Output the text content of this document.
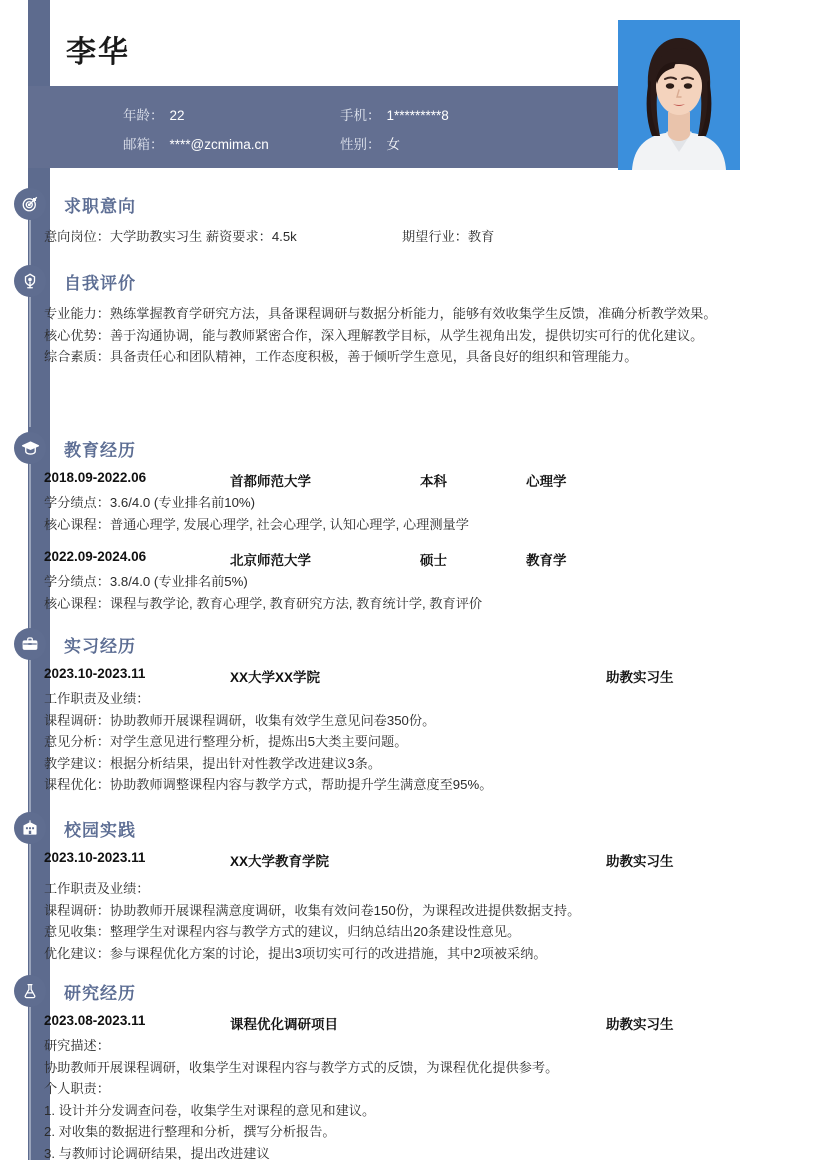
李华
年龄： 22
邮箱： ****@zcmima.cn
手机： 1*********8
性别： 女
求职意向
意向岗位：大学助教实习生 薪资要求：4.5k	期望行业：教育
自我评价
专业能力：熟练掌握教育学研究方法，具备课程调研与数据分析能力，能够有效收集学生反馈，准确分析教学效果。
核心优势：善于沟通协调，能与教师紧密合作，深入理解教学目标，从学生视角出发，提供切实可行的优化建议。
综合素质：具备责任心和团队精神，工作态度积极，善于倾听学生意见，具备良好的组织和管理能力。
教育经历
2018.09-2022.06	首都师范大学	本科	心理学
学分绩点：3.6/4.0 (专业排名前10%)
核心课程：普通心理学, 发展心理学, 社会心理学, 认知心理学, 心理测量学
2022.09-2024.06	北京师范大学	硕士	教育学
学分绩点：3.8/4.0 (专业排名前5%)
核心课程：课程与教学论, 教育心理学, 教育研究方法, 教育统计学, 教育评价
实习经历
2023.10-2023.11	XX大学XX学院	助教实习生
工作职责及业绩：
课程调研：协助教师开展课程调研，收集有效学生意见问卷350份。
意见分析：对学生意见进行整理分析，提炼出5大类主要问题。
教学建议：根据分析结果，提出针对性教学改进建议3条。
课程优化：协助教师调整课程内容与教学方式，帮助提升学生满意度至95%。
校园实践
2023.10-2023.11	XX大学教育学院	助教实习生
工作职责及业绩：
课程调研：协助教师开展课程满意度调研，收集有效问卷150份，为课程改进提供数据支持。
意见收集：整理学生对课程内容与教学方式的建议，归纳总结出20条建设性意见。
优化建议：参与课程优化方案的讨论，提出3项切实可行的改进措施，其中2项被采纳。
研究经历
2023.08-2023.11	课程优化调研项目	助教实习生
研究描述：
协助教师开展课程调研，收集学生对课程内容与教学方式的反馈，为课程优化提供参考。
个人职责：
1. 设计并分发调查问卷，收集学生对课程的意见和建议。
2. 对收集的数据进行整理和分析，撰写分析报告。
3. 与教师讨论调研结果，提出改进建议
